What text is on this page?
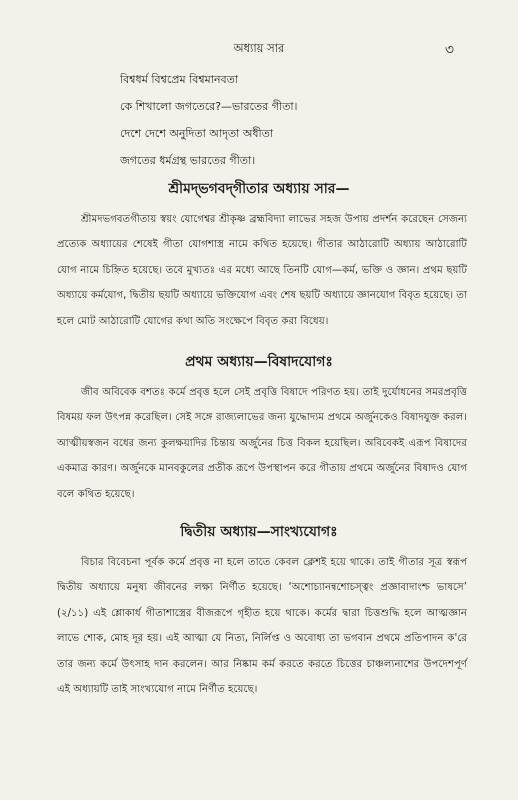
অধ্যায় সার	৩
বিশ্বধর্ম বিশ্বপ্রেম বিশ্বমানবতা
কে শিখালো জগতেরে?—ভারতের গীতা।
দেশে দেশে অনুদিতা আদৃতা অধীতা
জগতের ধর্মগ্রন্থ ভারতের গীতা।
শ্রীমদ্‌ভগবদ্‌গীতার অধ্যায় সার—
শ্রীমদভগবতগীতায় স্বয়ং যোগেশ্বর শ্রীকৃষ্ণ ব্রহ্মবিদ্যা লাভের সহজ উপায় প্রদর্শন করেছেন সেজন্য প্রত্যেক অধ্যায়ের শেষেই গীতা যোগশাস্ত্র নামে কথিত হয়েছে। গীতার আঠারোটি অধ্যায় আঠারোটি যোগ নামে চিহ্নিত হয়েছে। তবে মুখ্যতঃ এর মধ্যে আছে তিনটি যোগ—কর্ম, ভক্তি ও জ্ঞান। প্রথম ছয়টি অধ্যায়ে কর্মযোগ, দ্বিতীয় ছয়টি অধ্যায়ে ভক্তিযোগ এবং শেষ ছয়টি অধ্যায়ে জ্ঞানযোগ বিবৃত হয়েছে। তা হলে মোট আঠারোটি যোগের কথা অতি সংক্ষেপে বিবৃত করা বিধেয়।
প্রথম অধ্যায়—বিষাদযোগঃ
জীব অবিবেক বশতঃ কর্মে প্রবৃত্ত হলে সেই প্রবৃত্তি বিষাদে পরিণত হয়। তাই দুর্যোধনের সমরপ্রবৃত্তি বিষময় ফল উৎপন্ন করেছিল। সেই সঙ্গে রাজ্যলাভের জন্য যুদ্ধোদ্যম প্রথমে অর্জুনকেও বিষাদযুক্ত করল। আত্মীয়স্বজন বধের জন্য কুলক্ষয়াদির চিন্তায় অর্জুনের চিত্ত বিকল হয়েছিল। অবিবেকই এরূপ বিষাদের একমাত্র কারণ। অর্জুনকে মানবকুলের প্রতীক রূপে উপস্থাপন করে গীতায় প্রথমে অর্জুনের বিষাদও যোগ বলে কথিত হয়েছে।
দ্বিতীয় অধ্যায়—সাংখ্যযোগঃ
বিচার বিবেচনা পূর্বক কর্মে প্রবৃত্ত না হলে তাতে কেবল ক্লেশই হয়ে থাকে। তাই গীতার সূত্র স্বরূপ দ্বিতীয় অধ্যায়ে মনুষ্য জীবনের লক্ষ্য নির্ণীত হয়েছে। ‘অশোচ্যানন্বশোচস্ত্বং প্রজ্ঞাবাদাংশ্চ ভাষসে’ (২/১১) এই শ্লোকার্ধ গীতাশাস্ত্রের বীজরূপে গৃহীত হয়ে থাকে। কর্মের দ্বারা চিত্তশুদ্ধি হলে আত্মজ্ঞান লাভে শোক, মোহ দূর হয়। এই আত্মা যে নিত্য, নির্লিপ্ত ও অবোধ্য তা ভগবান প্রথমে প্রতিপাদন ক'রে তার জন্য কর্মে উৎসাহ দান করলেন। আর নিষ্কাম কর্ম করতে করতে চিত্তের চাঞ্চল্যনাশের উপদেশপূর্ণ এই অধ্যায়টি তাই সাংখ্যযোগ নামে নির্ণীত হয়েছে।
